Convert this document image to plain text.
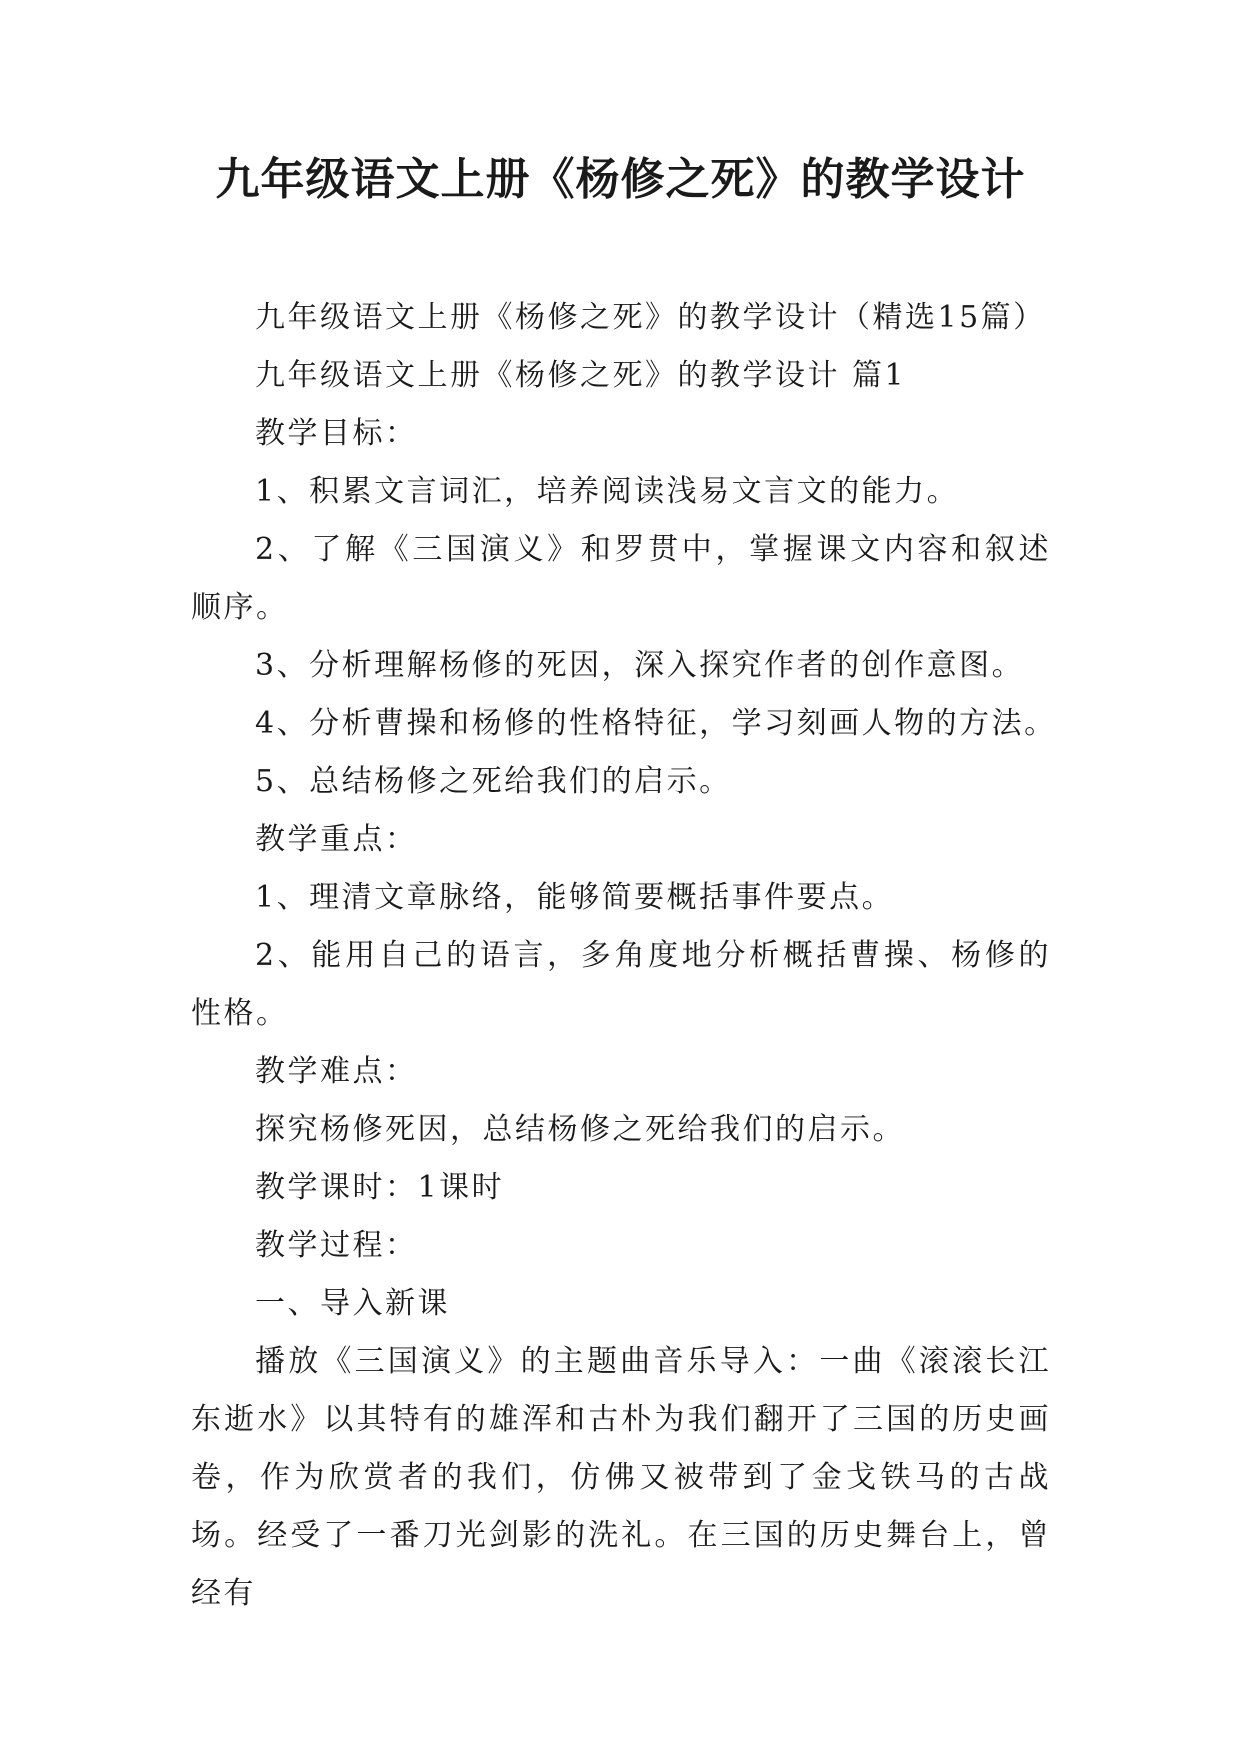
九年级语文上册《杨修之死》的教学设计

九年级语文上册《杨修之死》的教学设计（精选15篇）

九年级语文上册《杨修之死》的教学设计 篇1

教学目标：

1、积累文言词汇，培养阅读浅易文言文的能力。

2、了解《三国演义》和罗贯中，掌握课文内容和叙述顺序。

3、分析理解杨修的死因，深入探究作者的创作意图。

4、分析曹操和杨修的性格特征，学习刻画人物的方法。

5、总结杨修之死给我们的启示。

教学重点：

1、理清文章脉络，能够简要概括事件要点。

2、能用自己的语言，多角度地分析概括曹操、杨修的性格。

教学难点：

探究杨修死因，总结杨修之死给我们的启示。

教学课时：1课时

教学过程：

一、导入新课

播放《三国演义》的主题曲音乐导入：一曲《滚滚长江东逝水》以其特有的雄浑和古朴为我们翻开了三国的历史画卷，作为欣赏者的我们，仿佛又被带到了金戈铁马的古战场。经受了一番刀光剑影的洗礼。在三国的历史舞台上，曾经有
